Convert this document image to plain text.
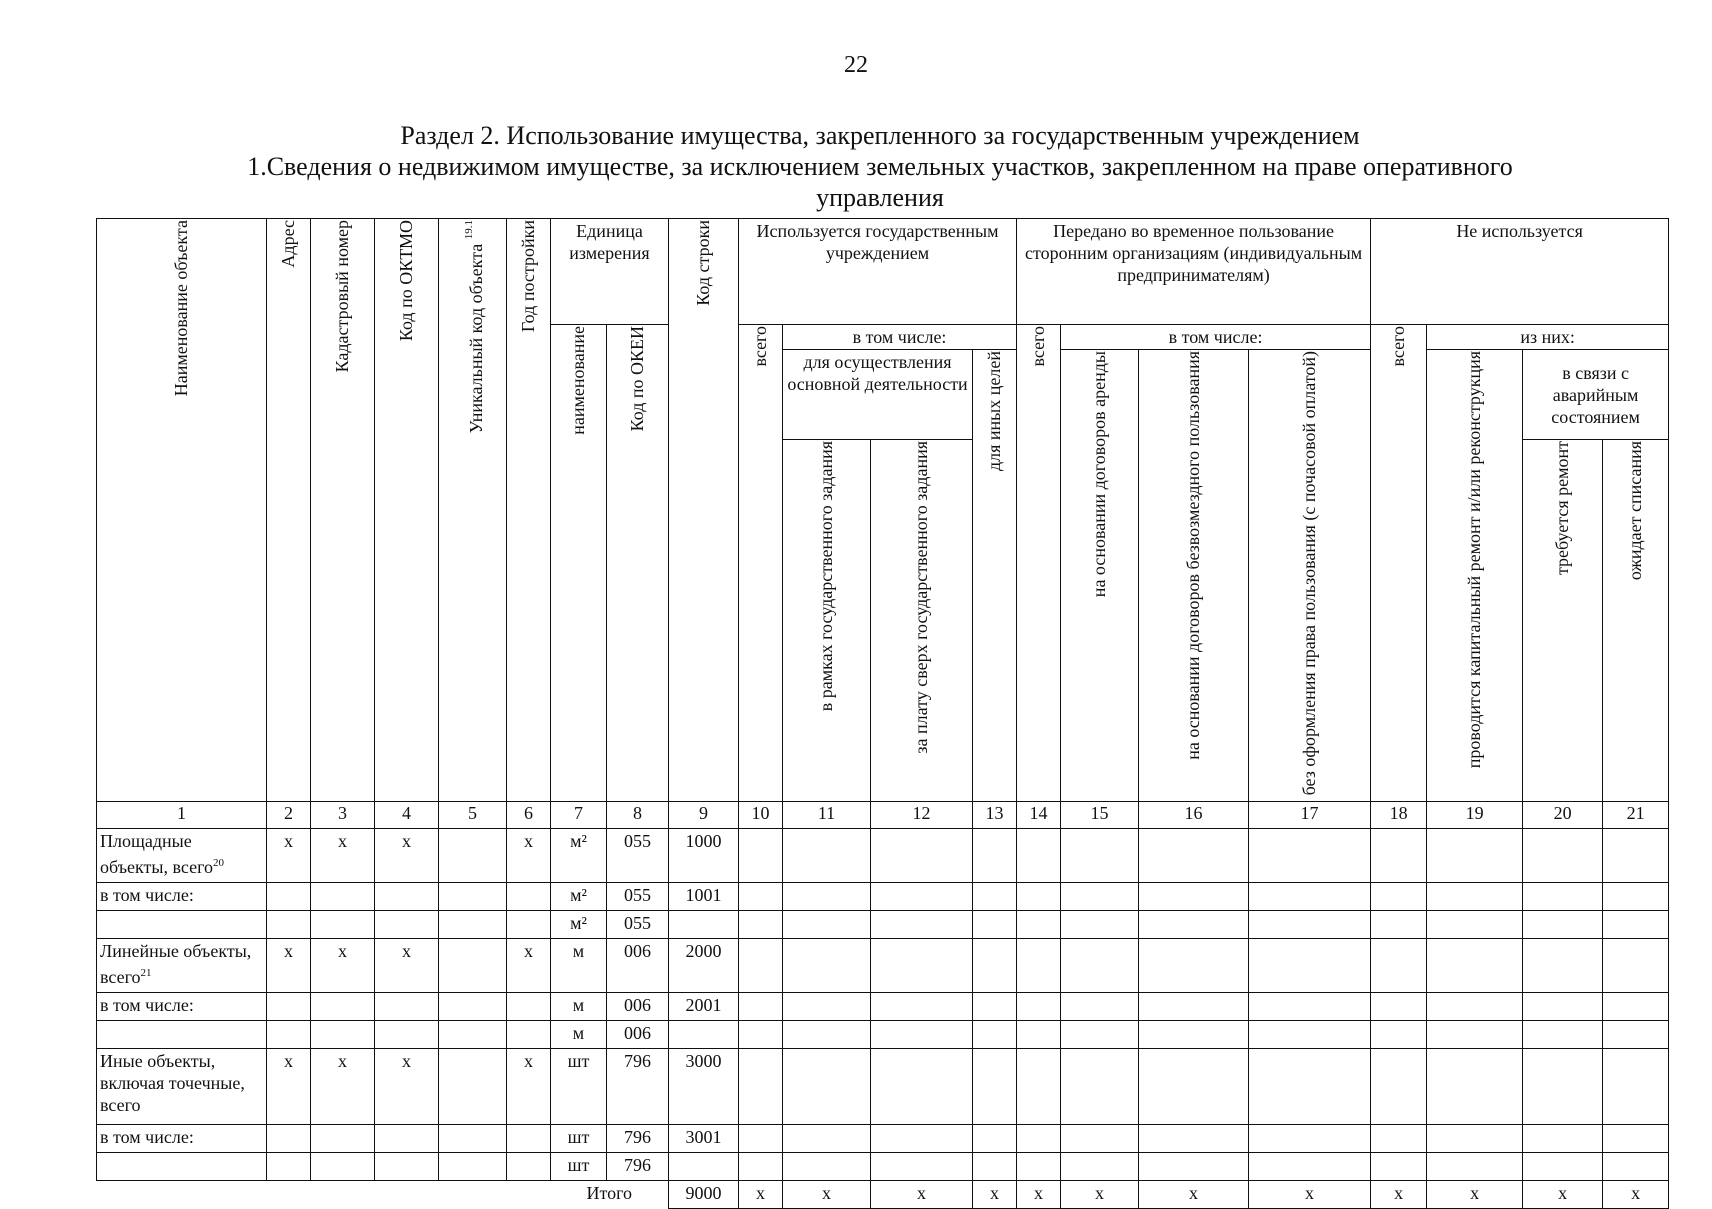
22
Раздел 2. Использование имущества, закрепленного за государственным учреждением
1.Сведения о недвижимом имуществе, за исключением земельных участков, закрепленном на праве оперативного
управления
Наименование объекта	Адрес	Кадастровый номер	Код по ОКТМО	Уникальный код объекта $^{19.1}$	Год постройки	Единица измерения		Код строки	Используется государственным учреждением				Передано во временное пользование сторонним организациям (индивидуальным предпринимателям)				Не используется			
						наименование	Код по ОКЕИ		всего	в том числе:			всего	в том числе:			всего	из них:		
										для осуществления основной деятельности		для иных целей		на основании договоров аренды	на основании договоров безвозмездного пользования	без оформления права пользования (с почасовой оплатой)		проводится капитальный ремонт и/или реконструкция	в связи с аварийным состоянием	
										в рамках государственного задания	за плату сверх государственного задания								требуется ремонт	ожидает списания
1	2	3	4	5	6	7	8	9	10	11	12	13	14	15	16	17	18	19	20	21
Площадные объекты, всего$^{20}$	х	х	х		х	м²	055	1000												
в том числе:						м²	055	1001												
						м²	055													
Линейные объекты, всего$^{21}$	х	х	х		х	м	006	2000												
в том числе:						м	006	2001												
						м	006													
Иные объекты, включая точечные, всего	х	х	х		х	шт	796	3000												
в том числе:						шт	796	3001												
						шт	796													
Итого								9000	х	х	х	х	х	х	х	х	х	х	х	х
